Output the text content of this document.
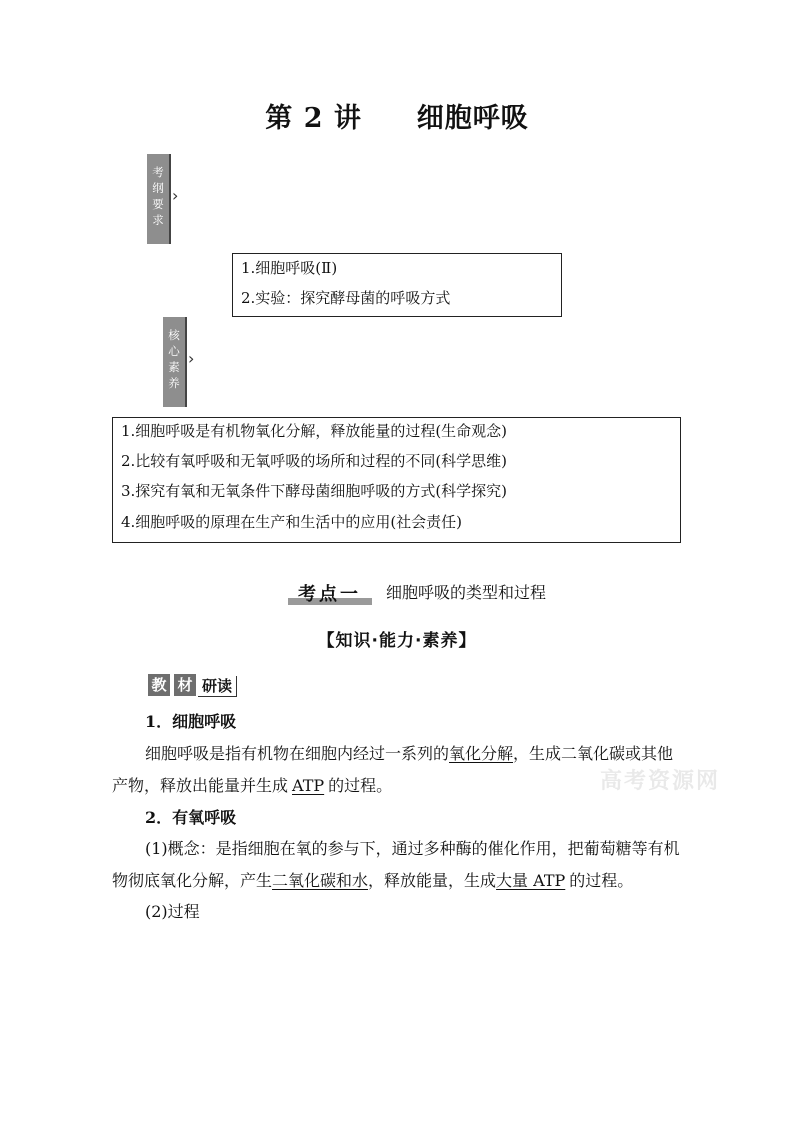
第 2 讲 细胞呼吸
考
纲
要
求
›
1.细胞呼吸(Ⅱ)
2.实验：探究酵母菌的呼吸方式
核
心
素
养
›
1.细胞呼吸是有机物氧化分解，释放能量的过程(生命观念)
2.比较有氧呼吸和无氧呼吸的场所和过程的不同(科学思维)
3.探究有氧和无氧条件下酵母菌细胞呼吸的方式(科学探究)
4.细胞呼吸的原理在生产和生活中的应用(社会责任)
考点一 细胞呼吸的类型和过程
【知识·能力·素养】
教 材 研读
1．细胞呼吸
细胞呼吸是指有机物在细胞内经过一系列的氧化分解，生成二氧化碳或其他
产物，释放出能量并生成 ATP 的过程。	高考资源网
2．有氧呼吸
(1)概念：是指细胞在氧的参与下，通过多种酶的催化作用，把葡萄糖等有机
物彻底氧化分解，产生二氧化碳和水，释放能量，生成大量 ATP 的过程。
(2)过程
